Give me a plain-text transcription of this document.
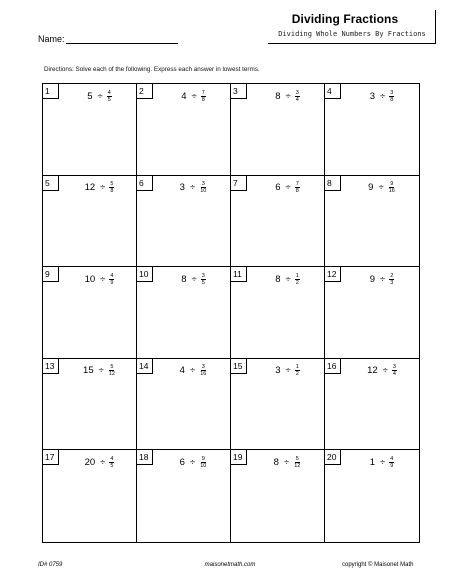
Dividing Fractions
Dividing Whole Numbers By Fractions
Name:
Directions: Solve each of the following. Express each answer in lowest terms.
1	$5 \div \frac{4}{5}$	2	$4 \div \frac{7}{8}$	3	$8 \div \frac{3}{4}$	4	$3 \div \frac{3}{8}$
5	$12 \div \frac{5}{8}$	6	$3 \div \frac{3}{10}$	7	$6 \div \frac{7}{8}$	8	$9 \div \frac{9}{16}$
9	$10 \div \frac{4}{9}$	10	$8 \div \frac{3}{5}$	11	$8 \div \frac{1}{2}$	12	$9 \div \frac{2}{3}$
13	$15 \div \frac{5}{12}$	14	$4 \div \frac{3}{16}$	15	$3 \div \frac{1}{2}$	16	$12 \div \frac{3}{4}$
17	$20 \div \frac{4}{5}$	18	$6 \div \frac{9}{10}$	19	$8 \div \frac{5}{12}$	20	$1 \div \frac{4}{9}$
ID# 0759	maisonetmath.com	copyright © Maisonet Math
